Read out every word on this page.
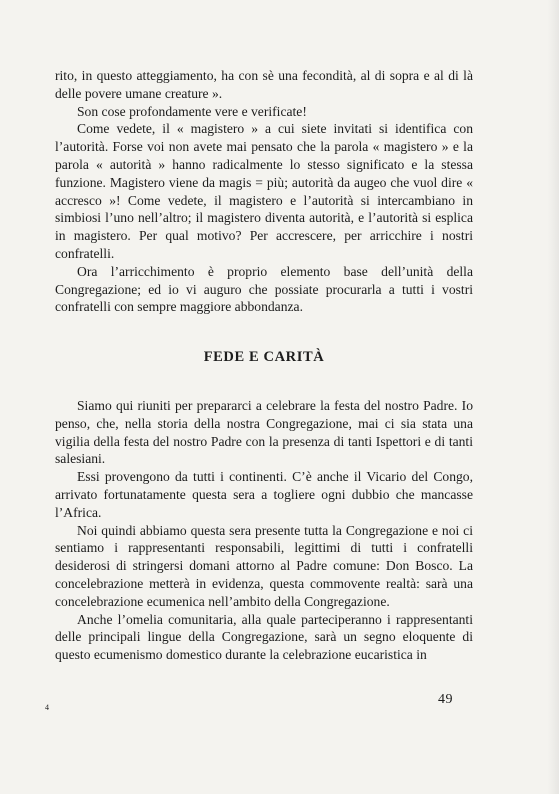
rito, in questo atteggiamento, ha con sè una fecondità, al di sopra e al di là delle povere umane creature ».

Son cose profondamente vere e verificate!

Come vedete, il « magistero » a cui siete invitati si identifica con l’autorità. Forse voi non avete mai pensato che la parola « magistero » e la parola « autorità » hanno radicalmente lo stesso significato e la stessa funzione. Magistero viene da magis = più; autorità da augeo che vuol dire « accresco »! Come vedete, il magistero e l’autorità si intercambiano in simbiosi l’uno nell’altro; il magistero diventa autorità, e l’autorità si esplica in magistero. Per qual motivo? Per accrescere, per arricchire i nostri confratelli.

Ora l’arricchimento è proprio elemento base dell’unità della Congregazione; ed io vi auguro che possiate procurarla a tutti i vostri confratelli con sempre maggiore abbondanza.

FEDE E CARITÀ

Siamo qui riuniti per prepararci a celebrare la festa del nostro Padre. Io penso, che, nella storia della nostra Congregazione, mai ci sia stata una vigilia della festa del nostro Padre con la presenza di tanti Ispettori e di tanti salesiani.

Essi provengono da tutti i continenti. C’è anche il Vicario del Congo, arrivato fortunatamente questa sera a togliere ogni dubbio che mancasse l’Africa.

Noi quindi abbiamo questa sera presente tutta la Congregazione e noi ci sentiamo i rappresentanti responsabili, legittimi di tutti i confratelli desiderosi di stringersi domani attorno al Padre comune: Don Bosco. La concelebrazione metterà in evidenza, questa commovente realtà: sarà una concelebrazione ecumenica nell’ambito della Congregazione.

Anche l’omelia comunitaria, alla quale parteciperanno i rappresentanti delle principali lingue della Congregazione, sarà un segno eloquente di questo ecumenismo domestico durante la celebrazione eucaristica in

49
4
